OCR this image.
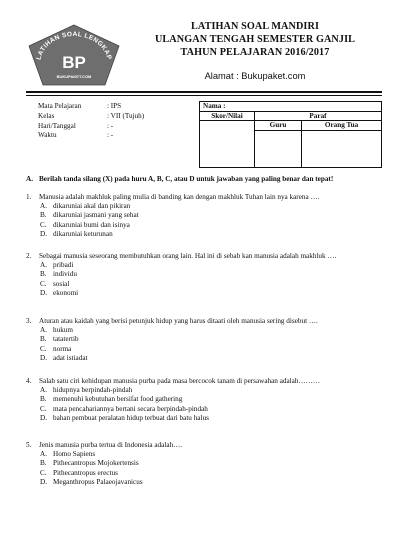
LATIHAN SOAL LENGKAP
BP
BUKUPAKET.COM
LATIHAN SOAL MANDIRI
ULANGAN TENGAH SEMESTER GANJIL
TAHUN PELAJARAN 2016/2017
Alamat : Bukupaket.com
Mata Pelajaran	: IPS
Kelas	: VII (Tujuh)
Hari/Tanggal	: -
Waktu	: -
Nama :		
Skor/Nilai	Paraf	
	Guru	Orang Tua

A. Berilah tanda silang (X) pada huru A, B, C, atau D untuk jawaban yang paling benar dan tepat!
1.	Manusia adalah makhluk paling mulia di banding kan dengan makhluk Tuhan lain nya karena ….
A. dikaruniai akal dan pikiran
B. dikaruniai jasmani yang sehat
C. dikaruniai bumi dan isinya
D. dikaruniai keturunan
2.	Sebagai manusia seseorang membutuhkan orang lain. Hal ini di sebab kan manusia adalah makhluk ….
A. pribadi
B. individu
C. sosial
D. ekonomi
3.	Aturan atau kaidah yang berisi petunjuk hidup yang harus ditaati oleh manusia sering disebut ….
A. hukum
B. tatatertib
C. norma
D. adat istiadat
4.	Salah satu ciri kehidupan manusia purba pada masa bercocok tanam di persawahan adalah………
A. hidupnya berpindah-pindah
B. memenuhi kebutuhan bersifat food gathering
C. mata pencahariannya bertani secara berpindah-pindah
D. bahan pembuat peralatan hidup terbuat dari batu halus
5.	Jenis manusia purba tertua di Indonesia adalah….
A. Homo Sapiens
B. Pithecantropus Mojokertensis
C. Pithecantropus erectus
D. Meganthropus Palaeojavanicus
